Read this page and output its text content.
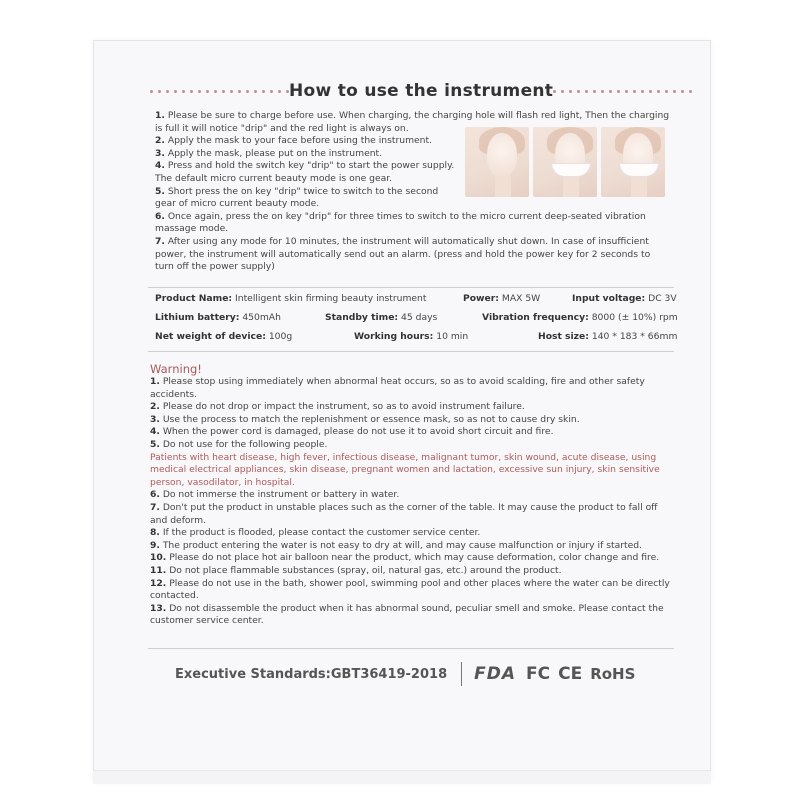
How to use the instrument
1. Please be sure to charge before use. When charging, the charging hole will flash red light, Then the charging
is full it will notice "drip" and the red light is always on.
2. Apply the mask to your face before using the instrument.
3. Apply the mask, please put on the instrument.
4. Press and hold the switch key "drip" to start the power supply.
The default micro current beauty mode is one gear.
5. Short press the on key "drip" twice to switch to the second
gear of micro current beauty mode.
6. Once again, press the on key "drip" for three times to switch to the micro current deep-seated vibration
massage mode.
7. After using any mode for 10 minutes, the instrument will automatically shut down. In case of insufficient
power, the instrument will automatically send out an alarm. (press and hold the power key for 2 seconds to
turn off the power supply)
Product Name: Intelligent skin firming beauty instrument	Power: MAX 5W	Input voltage: DC 3V
Lithium battery: 450mAh	Standby time: 45 days	Vibration frequency: 8000 (± 10%) rpm
Net weight of device: 100g	Working hours: 10 min	Host size: 140 * 183 * 66mm
Warning!
1. Please stop using immediately when abnormal heat occurs, so as to avoid scalding, fire and other safety
accidents.
2. Please do not drop or impact the instrument, so as to avoid instrument failure.
3. Use the process to match the replenishment or essence mask, so as not to cause dry skin.
4. When the power cord is damaged, please do not use it to avoid short circuit and fire.
5. Do not use for the following people.
Patients with heart disease, high fever, infectious disease, malignant tumor, skin wound, acute disease, using
medical electrical appliances, skin disease, pregnant women and lactation, excessive sun injury, skin sensitive
person, vasodilator, in hospital.
6. Do not immerse the instrument or battery in water.
7. Don't put the product in unstable places such as the corner of the table. It may cause the product to fall off
and deform.
8. If the product is flooded, please contact the customer service center.
9. The product entering the water is not easy to dry at will, and may cause malfunction or injury if started.
10. Please do not place hot air balloon near the product, which may cause deformation, color change and fire.
11. Do not place flammable substances (spray, oil, natural gas, etc.) around the product.
12. Please do not use in the bath, shower pool, swimming pool and other places where the water can be directly
contacted.
13. Do not disassemble the product when it has abnormal sound, peculiar smell and smoke. Please contact the
customer service center.
Executive Standards:GBT36419-2018 FDA FC CE RoHS
